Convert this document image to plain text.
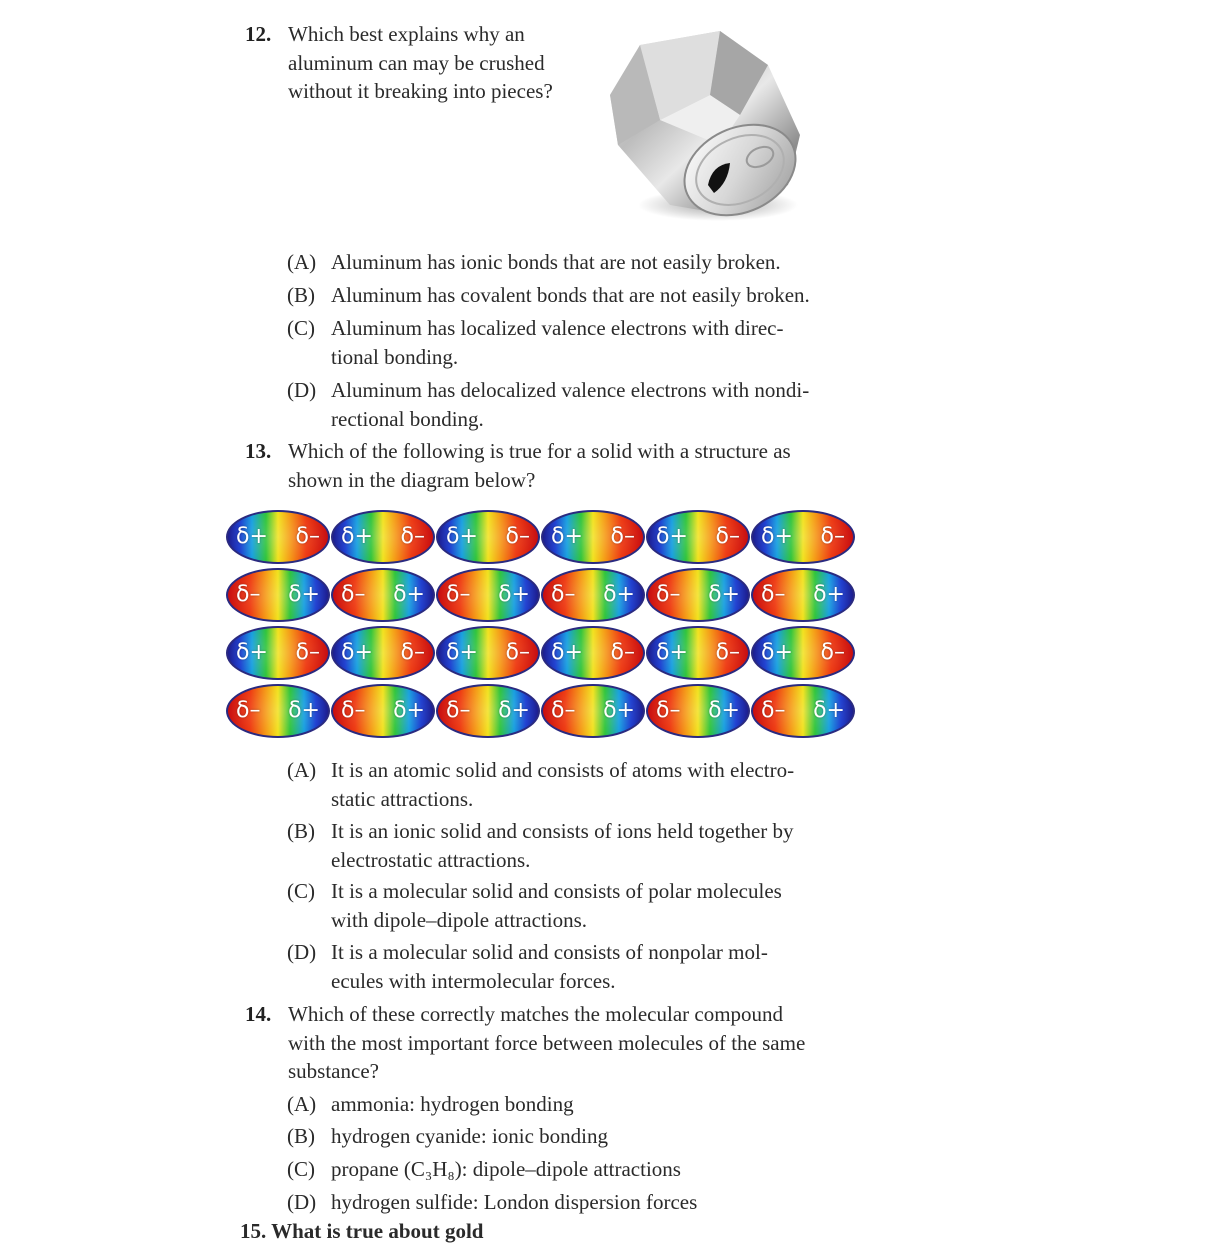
12. Which best explains why an
aluminum can may be crushed
without it breaking into pieces?
(A) Aluminum has ionic bonds that are not easily broken.
(B) Aluminum has covalent bonds that are not easily broken.
(C) Aluminum has localized valence electrons with direc-
tional bonding.
(D) Aluminum has delocalized valence electrons with nondi-
rectional bonding.
13. Which of the following is true for a solid with a structure as
shown in the diagram below?
δ+ δ– δ+ δ– δ+ δ– δ+ δ– δ+ δ– δ+ δ–
δ– δ+ δ– δ+ δ– δ+ δ– δ+ δ– δ+ δ– δ+
δ+ δ– δ+ δ– δ+ δ– δ+ δ– δ+ δ– δ+ δ–
δ– δ+ δ– δ+ δ– δ+ δ– δ+ δ– δ+ δ– δ+
(A) It is an atomic solid and consists of atoms with electro-
static attractions.
(B) It is an ionic solid and consists of ions held together by
electrostatic attractions.
(C) It is a molecular solid and consists of polar molecules
with dipole–dipole attractions.
(D) It is a molecular solid and consists of nonpolar mol-
ecules with intermolecular forces.
14. Which of these correctly matches the molecular compound
with the most important force between molecules of the same
substance?
(A) ammonia: hydrogen bonding
(B) hydrogen cyanide: ionic bonding
(C) propane (C₃H₈): dipole–dipole attractions
(D) hydrogen sulfide: London dispersion forces
15. What is true about gold
